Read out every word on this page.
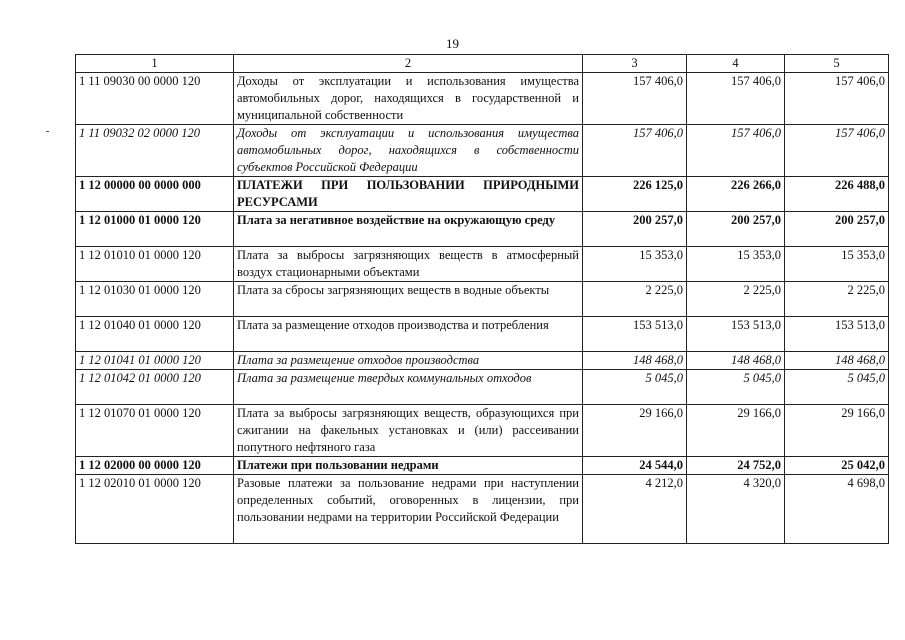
19
1	2	3	4	5
1 11 09030 00 0000 120	Доходы от эксплуатации и использования имущества автомобильных дорог, находящихся в государственной и муниципальной собственности	157 406,0	157 406,0	157 406,0
1 11 09032 02 0000 120	Доходы от эксплуатации и использования имущества автомобильных дорог, находящихся в собственности субъектов Российской Федерации	157 406,0	157 406,0	157 406,0
1 12 00000 00 0000 000	ПЛАТЕЖИ ПРИ ПОЛЬЗОВАНИИ ПРИРОДНЫМИ РЕСУРСАМИ	226 125,0	226 266,0	226 488,0
1 12 01000 01 0000 120	Плата за негативное воздействие на окружающую среду	200 257,0	200 257,0	200 257,0
1 12 01010 01 0000 120	Плата за выбросы загрязняющих веществ в атмосферный воздух стационарными объектами	15 353,0	15 353,0	15 353,0
1 12 01030 01 0000 120	Плата за сбросы загрязняющих веществ в водные объекты	2 225,0	2 225,0	2 225,0
1 12 01040 01 0000 120	Плата за размещение отходов производства и потребления	153 513,0	153 513,0	153 513,0
1 12 01041 01 0000 120	Плата за размещение отходов производства	148 468,0	148 468,0	148 468,0
1 12 01042 01 0000 120	Плата за размещение твердых коммунальных отходов	5 045,0	5 045,0	5 045,0
1 12 01070 01 0000 120	Плата за выбросы загрязняющих веществ, образующихся при сжигании на факельных установках и (или) рассеивании попутного нефтяного газа	29 166,0	29 166,0	29 166,0
1 12 02000 00 0000 120	Платежи при пользовании недрами	24 544,0	24 752,0	25 042,0
1 12 02010 01 0000 120	Разовые платежи за пользование недрами при наступлении определенных событий, оговоренных в лицензии, при пользовании недрами на территории Российской Федерации	4 212,0	4 320,0	4 698,0
